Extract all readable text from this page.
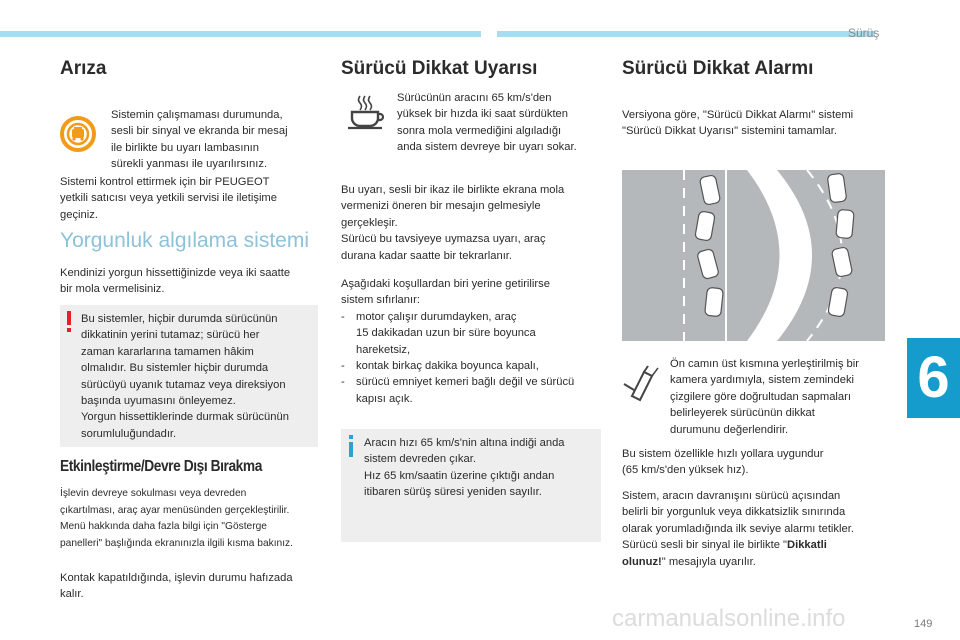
Sürüş
6
149
Arıza

Sistemin çalışmaması durumunda,

sesli bir sinyal ve ekranda bir mesaj

ile birlikte bu uyarı lambasının

sürekli yanması ile uyarılırsınız.

Sistemi kontrol ettirmek için bir PEUGEOT

yetkili satıcısı veya yetkili servisi ile iletişime

geçiniz.

Yorgunluk algılama sistemi

Kendinizi yorgun hissettiğinizde veya iki saatte

bir mola vermelisiniz.

Bu sistemler, hiçbir durumda sürücünün

dikkatinin yerini tutamaz; sürücü her

zaman kararlarına tamamen hâkim

olmalıdır. Bu sistemler hiçbir durumda

sürücüyü uyanık tutamaz veya direksiyon

başında uyumasını önleyemez.

Yorgun hissettiklerinde durmak sürücünün

sorumluluğundadır.

Etkinleştirme/Devre Dışı Bırakma

İşlevin devreye sokulması veya devreden

çıkartılması, araç ayar menüsünden gerçekleştirilir.

Menü hakkında daha fazla bilgi için "Gösterge

panelleri" başlığında ekranınızla ilgili kısma bakınız.

Kontak kapatıldığında, işlevin durumu hafızada

kalır.

Sürücü Dikkat Uyarısı

Sürücünün aracını 65 km/s'den

yüksek bir hızda iki saat sürdükten

sonra mola vermediğini algıladığı

anda sistem devreye bir uyarı sokar.

Bu uyarı, sesli bir ikaz ile birlikte ekrana mola

vermenizi öneren bir mesajın gelmesiyle

gerçekleşir.

Sürücü bu tavsiyeye uymazsa uyarı, araç

durana kadar saatte bir tekrarlanır.

Aşağıdaki koşullardan biri yerine getirilirse

sistem sıfırlanır:

-	motor çalışır durumdayken, araç
15 dakikadan uzun bir süre boyunca
hareketsiz,
-	kontak birkaç dakika boyunca kapalı,
-	sürücü emniyet kemeri bağlı değil ve sürücü
kapısı açık.

Aracın hızı 65 km/s'nin altına indiği anda

sistem devreden çıkar.

Hız 65 km/saatin üzerine çıktığı andan

itibaren sürüş süresi yeniden sayılır.

Sürücü Dikkat Alarmı

Versiyona göre, "Sürücü Dikkat Alarmı" sistemi

"Sürücü Dikkat Uyarısı" sistemini tamamlar.

Ön camın üst kısmına yerleştirilmiş bir

kamera yardımıyla, sistem zemindeki

çizgilere göre doğrultudan sapmaları

belirleyerek sürücünün dikkat

durumunu değerlendirir.

Bu sistem özellikle hızlı yollara uygundur

(65 km/s'den yüksek hız).

Sistem, aracın davranışını sürücü açısından

belirli bir yorgunluk veya dikkatsizlik sınırında

olarak yorumladığında ilk seviye alarmı tetikler.

Sürücü sesli bir sinyal ile birlikte "Dikkatli

olunuz!" mesajıyla uyarılır.

carmanualsonline.info
